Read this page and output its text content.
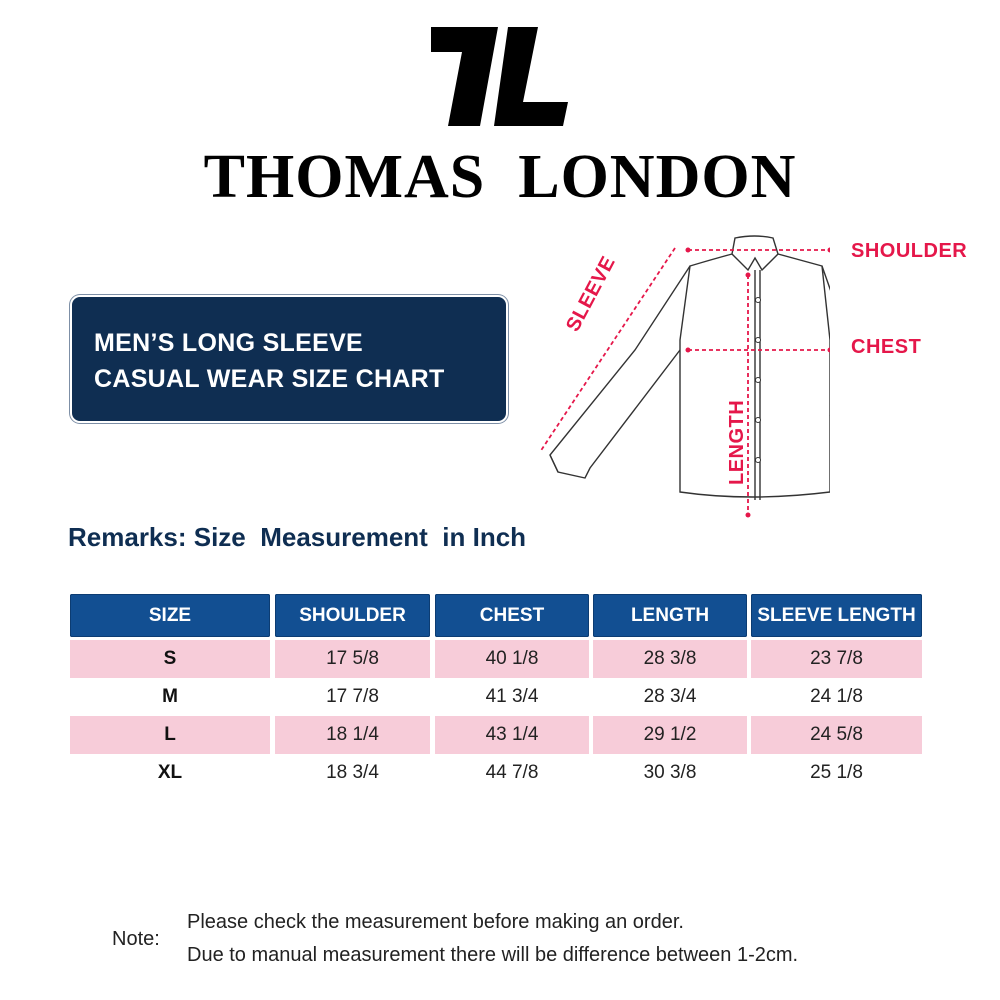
THOMAS  LONDON
MEN’S LONG SLEEVE
CASUAL WEAR SIZE CHART
SHOULDER
CHEST
SLEEVE
LENGTH
Remarks: Size  Measurement  in Inch
SIZE	SHOULDER	CHEST	LENGTH	SLEEVE LENGTH
S	17 5/8	40 1/8	28 3/8	23 7/8
M	17 7/8	41 3/4	28 3/4	24 1/8
L	18 1/4	43 1/4	29 1/2	24 5/8
XL	18 3/4	44 7/8	30 3/8	25 1/8
Note:
Please check the measurement before making an order.
Due to manual measurement there will be difference between 1-2cm.
